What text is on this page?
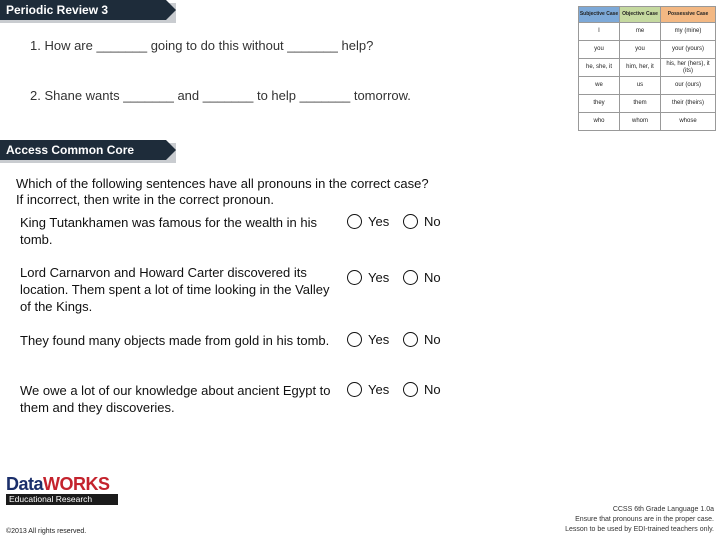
Periodic Review 3
1. How are _______ going to do this without _______ help?
2. Shane wants _______ and _______ to help _______ tomorrow.
Subjective Case	Objective Case	Possessive Case
I	me	my (mine)
you	you	your (yours)
he, she, it	him, her, it	his, her (hers), it (its)
we	us	our (ours)
they	them	their (theirs)
who	whom	whose
Access Common Core
Which of the following sentences have all pronouns in the correct case?
If incorrect, then write in the correct pronoun.
King Tutankhamen was famous for the wealth in his tomb.
Yes	No
Lord Carnarvon and Howard Carter discovered its location. Them spent a lot of time looking in the Valley of the Kings.
Yes	No
They found many objects made from gold in his tomb.	Yes	No
We owe a lot of our knowledge about ancient Egypt to them and they discoveries.
Yes	No
DataWORKS
Educational Research
©2013 All rights reserved.
CCSS 6th Grade Language 1.0a
Ensure that pronouns are in the proper case.
Lesson to be used by EDI-trained teachers only.
